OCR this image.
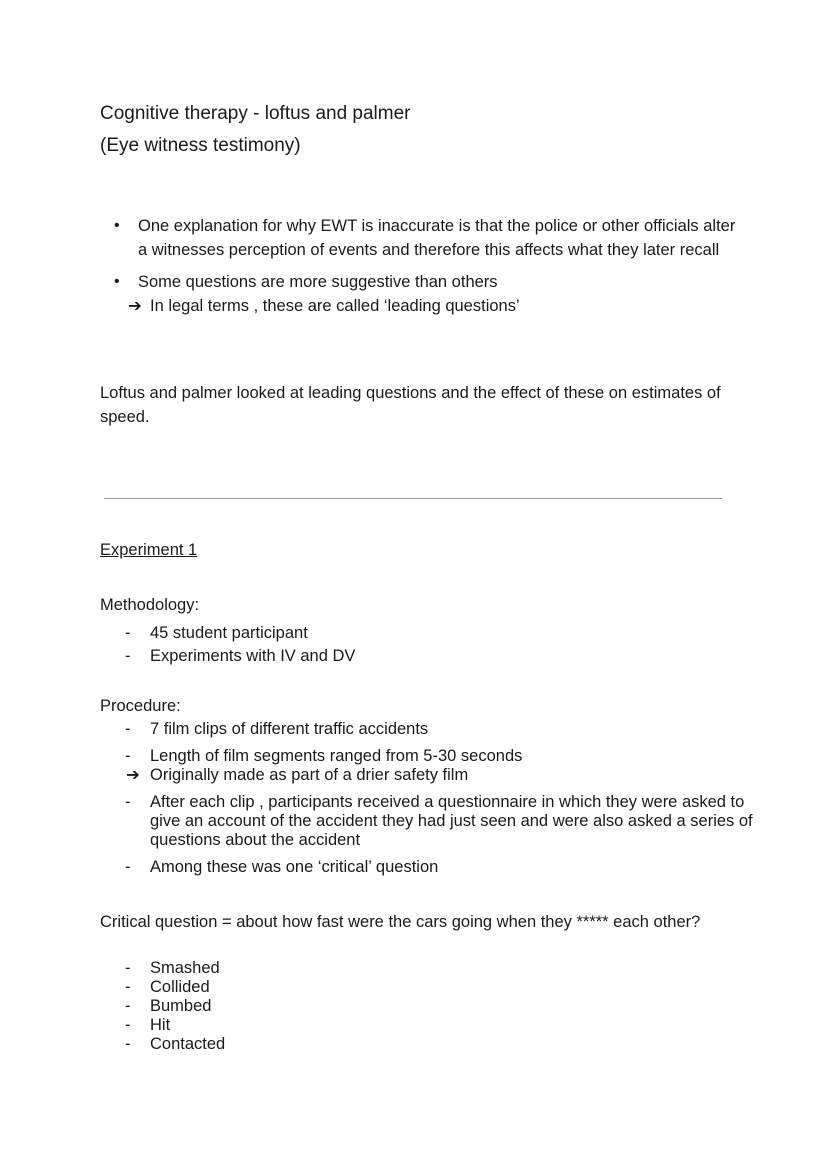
Cognitive therapy - loftus and palmer
(Eye witness testimony)
• One explanation for why EWT is inaccurate is that the police or other officials alter a witnesses perception of events and therefore this affects what they later recall
• Some questions are more suggestive than others
➔ In legal terms , these are called ‘leading questions’
Loftus and palmer looked at leading questions and the effect of these on estimates of speed.
Experiment 1
Methodology:
- 45 student participant
- Experiments with IV and DV
Procedure:
- 7 film clips of different traffic accidents
- Length of film segments ranged from 5-30 seconds
➔ Originally made as part of a drier safety film
- After each clip , participants received a questionnaire in which they were asked to give an account of the accident they had just seen and were also asked a series of questions about the accident
- Among these was one ‘critical’ question
Critical question = about how fast were the cars going when they ***** each other?
- Smashed
- Collided
- Bumbed
- Hit
- Contacted
